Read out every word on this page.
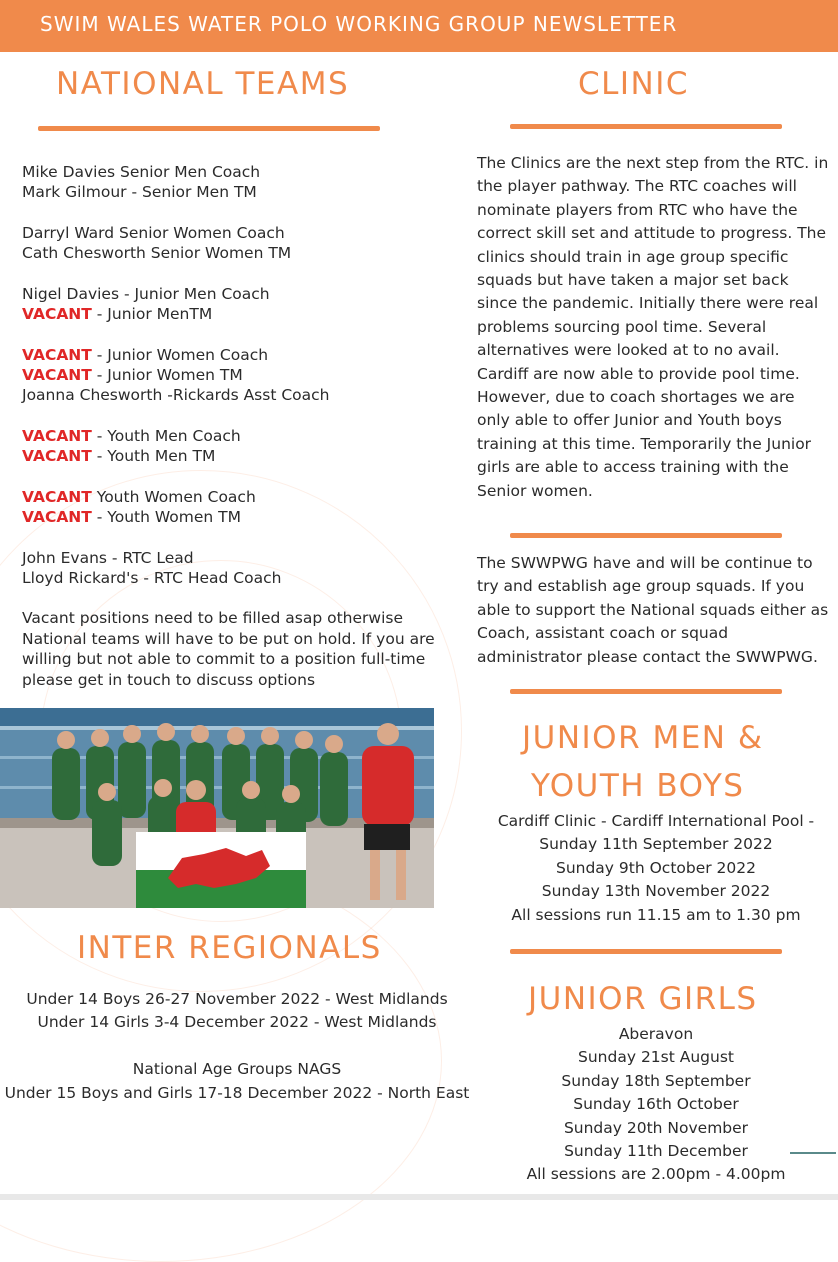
SWIM WALES WATER POLO WORKING GROUP NEWSLETTER
NATIONAL TEAMS
Mike Davies Senior Men Coach
Mark Gilmour - Senior Men TM
Darryl Ward Senior Women Coach
Cath Chesworth Senior Women TM
Nigel Davies - Junior Men Coach
VACANT - Junior MenTM
VACANT - Junior Women Coach
VACANT - Junior Women TM
Joanna Chesworth -Rickards Asst Coach
VACANT - Youth Men Coach
VACANT - Youth Men TM
VACANT Youth Women Coach
VACANT - Youth Women TM
John Evans - RTC Lead
Lloyd Rickard's - RTC Head Coach
Vacant positions need to be filled asap otherwise
National teams will have to be put on hold. If you are
willing but not able to commit to a position full-time
please get in touch to discuss options
INTER REGIONALS
Under 14 Boys 26-27 November 2022 - West Midlands
Under 14 Girls 3-4 December 2022 - West Midlands

National Age Groups NAGS
Under 15 Boys and Girls 17-18 December 2022 - North East
CLINIC
The Clinics are the next step from the RTC. in
the player pathway. The RTC coaches will
nominate players from RTC who have the
correct skill set and attitude to progress. The
clinics should train in age group specific
squads but have taken a major set back
since the pandemic. Initially there were real
problems sourcing pool time. Several
alternatives were looked at to no avail.
Cardiff are now able to provide pool time.
However, due to coach shortages we are
only able to offer Junior and Youth boys
training at this time. Temporarily the Junior
girls are able to access training with the
Senior women.
The SWWPWG have and will be continue to
try and establish age group squads. If you
able to support the National squads either as
Coach, assistant coach or squad
administrator please contact the SWWPWG.
JUNIOR MEN &
YOUTH BOYS
Cardiff Clinic - Cardiff International Pool -
Sunday 11th September 2022
Sunday 9th October 2022
Sunday 13th November 2022
All sessions run 11.15 am to 1.30 pm
JUNIOR GIRLS
Aberavon
Sunday 21st August
Sunday 18th September
Sunday 16th October
Sunday 20th November
Sunday 11th December
All sessions are 2.00pm - 4.00pm
